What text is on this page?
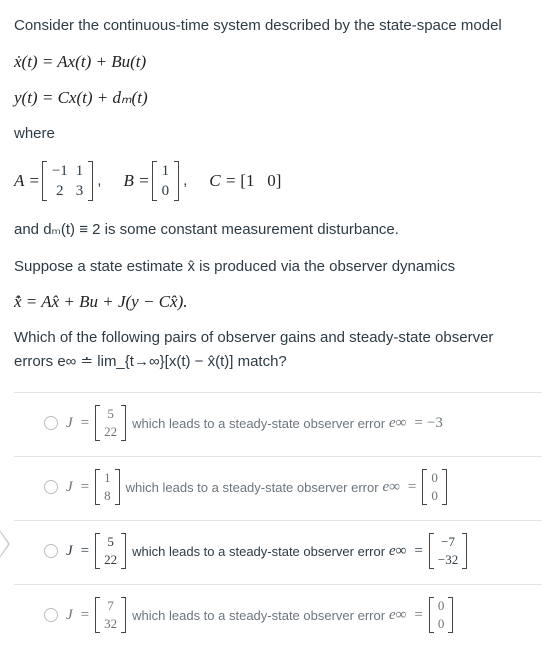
Consider the continuous-time system described by the state-space model
ẋ(t) = Ax(t) + Bu(t)
y(t) = Cx(t) + dₘ(t)
where
A = −1	1
2	3
, B = 1
0
, C = [1   0]
and dₘ(t) ≡ 2 is some constant measurement disturbance.
Suppose a state estimate x̂ is produced via the observer dynamics
x̂̇ = Ax̂ + Bu + J(y − Cx̂).
Which of the following pairs of observer gains and steady-state observer
errors e∞ ≐ lim_{t→∞}[x(t) − x̂(t)] match?
J =
5
22
which leads to a steady-state observer error e∞ = −3
J =
1
8
which leads to a steady-state observer error e∞ =
0
0
J =
5
22
which leads to a steady-state observer error e∞ =
−7
−32
J =
7
32
which leads to a steady-state observer error e∞ =
0
0
